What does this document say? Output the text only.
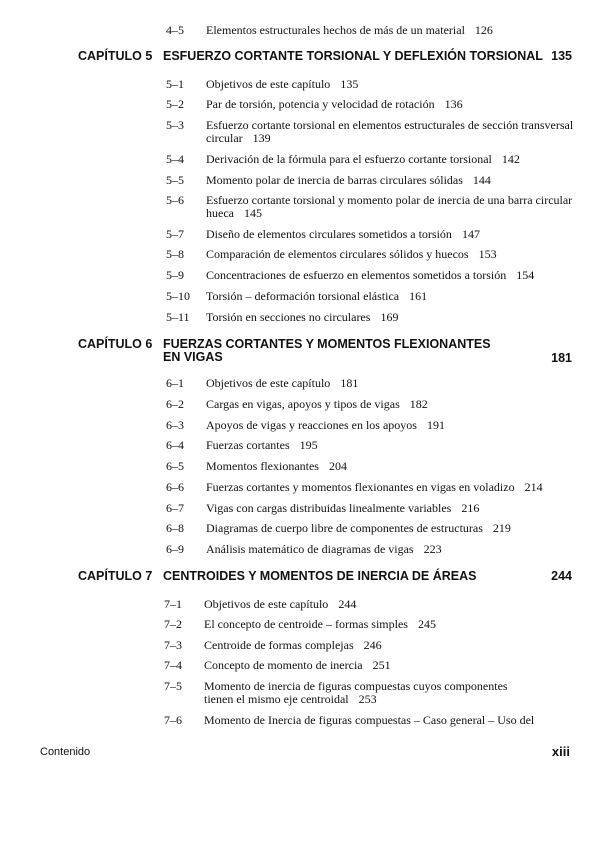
4–5	Elementos estructurales hechos de más de un material 126
CAPÍTULO 5 ESFUERZO CORTANTE TORSIONAL Y DEFLEXIÓN TORSIONAL 135
5–1	Objetivos de este capítulo 135
5–2	Par de torsión, potencia y velocidad de rotación 136
5–3	Esfuerzo cortante torsional en elementos estructurales de sección transversal circular 139
5–4	Derivación de la fórmula para el esfuerzo cortante torsional 142
5–5	Momento polar de inercia de barras circulares sólidas 144
5–6	Esfuerzo cortante torsional y momento polar de inercia de una barra circular hueca 145
5–7	Diseño de elementos circulares sometidos a torsión 147
5–8	Comparación de elementos circulares sólidos y huecos 153
5–9	Concentraciones de esfuerzo en elementos sometidos a torsión 154
5–10	Torsión – deformación torsional elástica 161
5–11	Torsión en secciones no circulares 169
CAPÍTULO 6 FUERZAS CORTANTES Y MOMENTOS FLEXIONANTES EN VIGAS	181
6–1	Objetivos de este capítulo 181
6–2	Cargas en vigas, apoyos y tipos de vigas 182
6–3	Apoyos de vigas y reacciones en los apoyos 191
6–4	Fuerzas cortantes 195
6–5	Momentos flexionantes 204
6–6	Fuerzas cortantes y momentos flexionantes en vigas en voladizo 214
6–7	Vigas con cargas distribuidas linealmente variables 216
6–8	Diagramas de cuerpo libre de componentes de estructuras 219
6–9	Análisis matemático de diagramas de vigas 223
CAPÍTULO 7 CENTROIDES Y MOMENTOS DE INERCIA DE ÁREAS	244
7–1	Objetivos de este capítulo 244
7–2	El concepto de centroide – formas simples 245
7–3	Centroide de formas complejas 246
7–4	Concepto de momento de inercia 251
7–5	Momento de inercia de figuras compuestas cuyos componentes tienen el mismo eje centroidal 253
7–6	Momento de Inercia de figuras compuestas – Caso general – Uso del
Contenido	xiii
